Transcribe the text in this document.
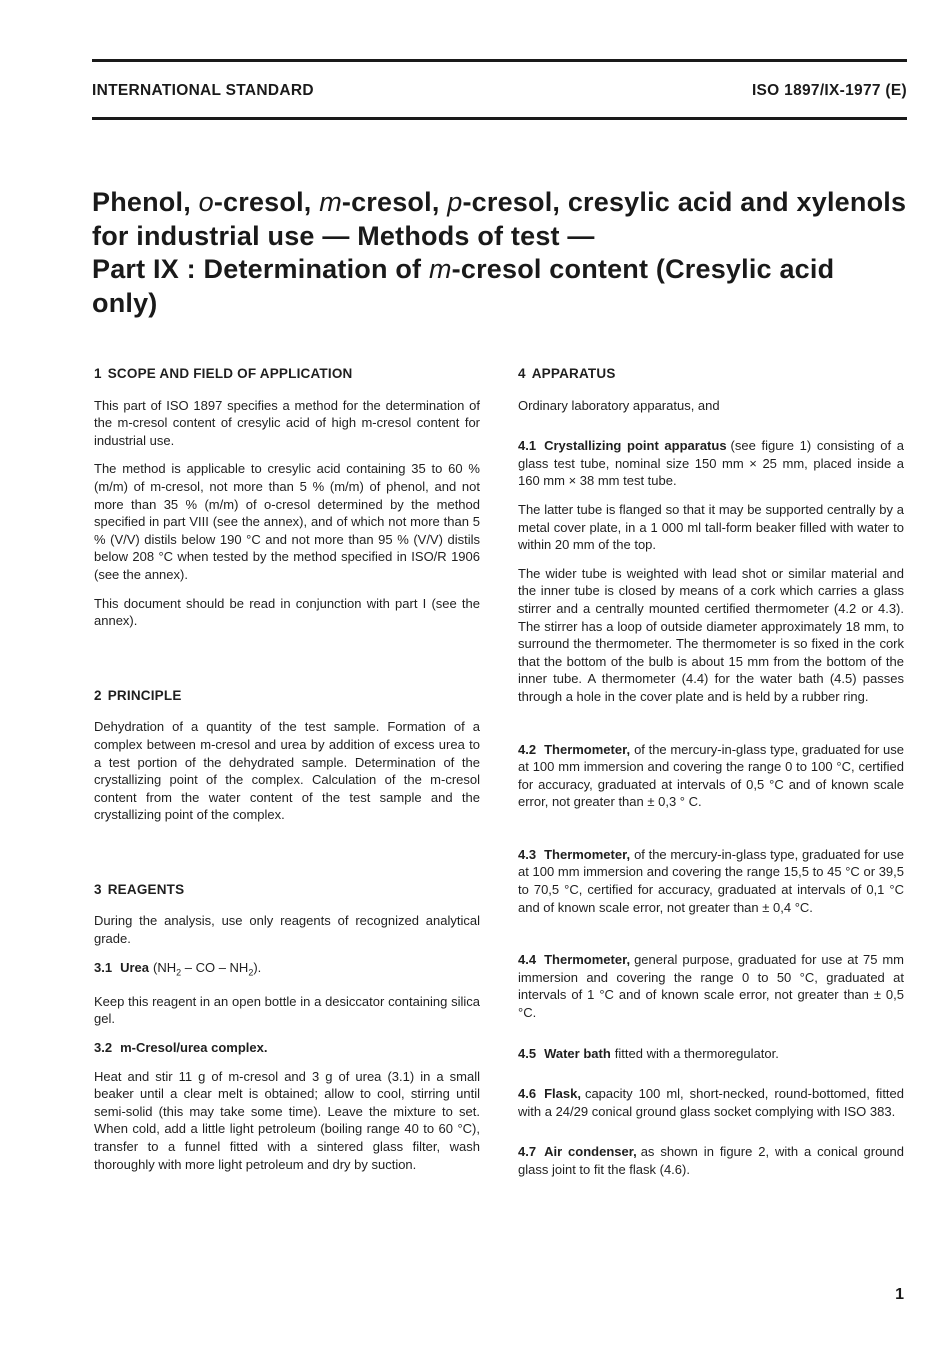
INTERNATIONAL STANDARD	ISO 1897/IX-1977 (E)
Phenol, o-cresol, m-cresol, p-cresol, cresylic acid and xylenols
for industrial use — Methods of test —
Part IX : Determination of m-cresol content (Cresylic acid
only)
1 SCOPE AND FIELD OF APPLICATION

This part of ISO 1897 specifies a method for the determination of the m-cresol content of cresylic acid of high m-cresol content for industrial use.

The method is applicable to cresylic acid containing 35 to 60 % (m/m) of m-cresol, not more than 5 % (m/m) of phenol, and not more than 35 % (m/m) of o-cresol determined by the method specified in part VIII (see the annex), and of which not more than 5 % (V/V) distils below 190 °C and not more than 95 % (V/V) distils below 208 °C when tested by the method specified in ISO/R 1906 (see the annex).

This document should be read in conjunction with part I (see the annex).

2 PRINCIPLE

Dehydration of a quantity of the test sample. Formation of a complex between m-cresol and urea by addition of excess urea to a test portion of the dehydrated sample. Determination of the crystallizing point of the complex. Calculation of the m-cresol content from the water content of the test sample and the crystallizing point of the complex.

3 REAGENTS

During the analysis, use only reagents of recognized analytical grade.

3.1 Urea ($NH_2$ – CO – $NH_2$).

Keep this reagent in an open bottle in a desiccator containing silica gel.

3.2 m-Cresol/urea complex.

Heat and stir 11 g of m-cresol and 3 g of urea (3.1) in a small beaker until a clear melt is obtained; allow to cool, stirring until semi-solid (this may take some time). Leave the mixture to set. When cold, add a little light petroleum (boiling range 40 to 60 °C), transfer to a funnel fitted with a sintered glass filter, wash thoroughly with more light petroleum and dry by suction.

4 APPARATUS

Ordinary laboratory apparatus, and

4.1 Crystallizing point apparatus (see figure 1) consisting of a glass test tube, nominal size 150 mm × 25 mm, placed inside a 160 mm × 38 mm test tube.

The latter tube is flanged so that it may be supported centrally by a metal cover plate, in a 1 000 ml tall-form beaker filled with water to within 20 mm of the top.

The wider tube is weighted with lead shot or similar material and the inner tube is closed by means of a cork which carries a glass stirrer and a centrally mounted certified thermometer (4.2 or 4.3). The stirrer has a loop of outside diameter approximately 18 mm, to surround the thermometer. The thermometer is so fixed in the cork that the bottom of the bulb is about 15 mm from the bottom of the inner tube. A thermometer (4.4) for the water bath (4.5) passes through a hole in the cover plate and is held by a rubber ring.

4.2 Thermometer, of the mercury-in-glass type, graduated for use at 100 mm immersion and covering the range 0 to 100 °C, certified for accuracy, graduated at intervals of 0,5 °C and of known scale error, not greater than ± 0,3 ° C.

4.3 Thermometer, of the mercury-in-glass type, graduated for use at 100 mm immersion and covering the range 15,5 to 45 °C or 39,5 to 70,5 °C, certified for accuracy, graduated at intervals of 0,1 °C and of known scale error, not greater than ± 0,4 °C.

4.4 Thermometer, general purpose, graduated for use at 75 mm immersion and covering the range 0 to 50 °C, graduated at intervals of 1 °C and of known scale error, not greater than ± 0,5 °C.

4.5 Water bath fitted with a thermoregulator.

4.6 Flask, capacity 100 ml, short-necked, round-bottomed, fitted with a 24/29 conical ground glass socket complying with ISO 383.

4.7 Air condenser, as shown in figure 2, with a conical ground glass joint to fit the flask (4.6).

1
